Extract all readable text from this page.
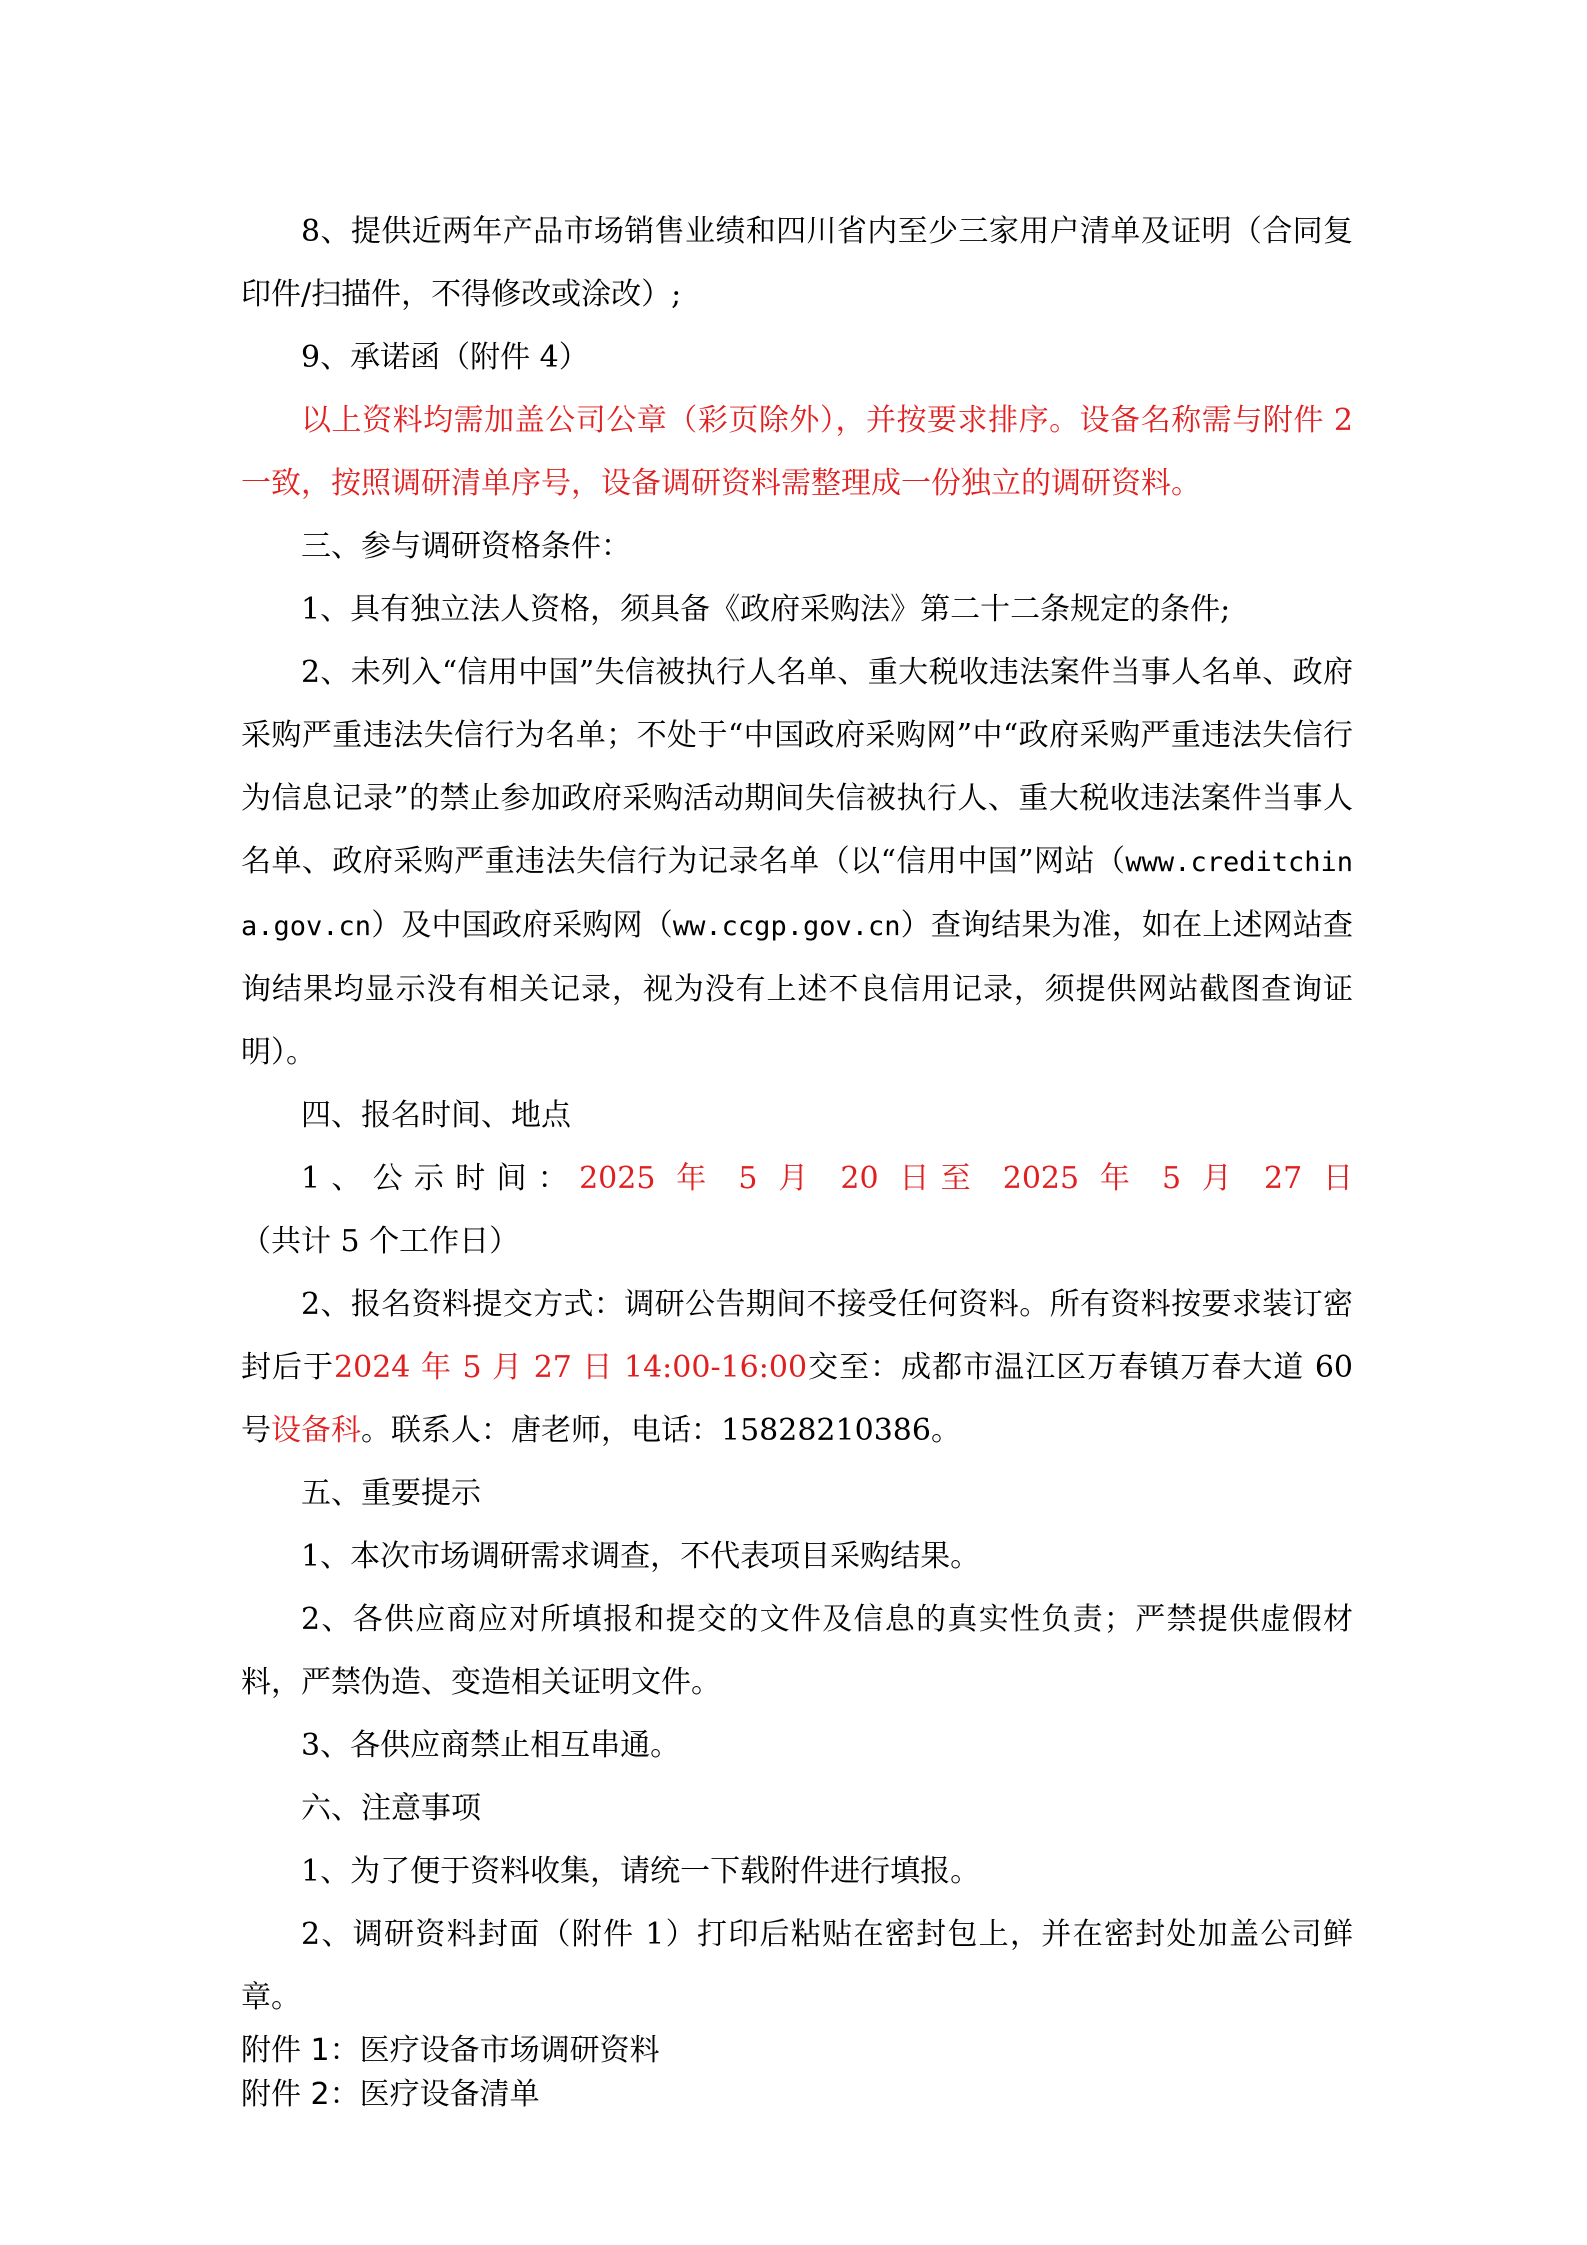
8、提供近两年产品市场销售业绩和四川省内至少三家用户清单及证明（合同复印件/扫描件，不得修改或涂改）;

9、承诺函（附件 4）

以上资料均需加盖公司公章（彩页除外），并按要求排序。设备名称需与附件 2 一致，按照调研清单序号，设备调研资料需整理成一份独立的调研资料。

三、参与调研资格条件：

1、具有独立法人资格，须具备《政府采购法》第二十二条规定的条件;

2、未列入“信用中国”失信被执行人名单、重大税收违法案件当事人名单、政府采购严重违法失信行为名单；不处于“中国政府采购网”中“政府采购严重违法失信行为信息记录”的禁止参加政府采购活动期间失信被执行人、重大税收违法案件当事人名单、政府采购严重违法失信行为记录名单（以“信用中国”网站（www.creditchin a.gov.cn）及中国政府采购网（ww.ccgp.gov.cn）查询结果为准，如在上述网站查询结果均显示没有相关记录，视为没有上述不良信用记录，须提供网站截图查询证明）。

四、报名时间、地点

1、公示时间：2025 年 5 月 20 日至 2025 年 5 月 27 日（共计 5 个工作日）

2、报名资料提交方式：调研公告期间不接受任何资料。所有资料按要求装订密封后于2024 年 5 月 27 日 14:00-16:00交至：成都市温江区万春镇万春大道 60 号设备科。联系人：唐老师，电话：15828210386。

五、重要提示

1、本次市场调研需求调查，不代表项目采购结果。

2、各供应商应对所填报和提交的文件及信息的真实性负责；严禁提供虚假材料，严禁伪造、变造相关证明文件。

3、各供应商禁止相互串通。

六、注意事项

1、为了便于资料收集，请统一下载附件进行填报。

2、调研资料封面（附件 1）打印后粘贴在密封包上，并在密封处加盖公司鲜章。

附件 1：医疗设备市场调研资料

附件 2：医疗设备清单
